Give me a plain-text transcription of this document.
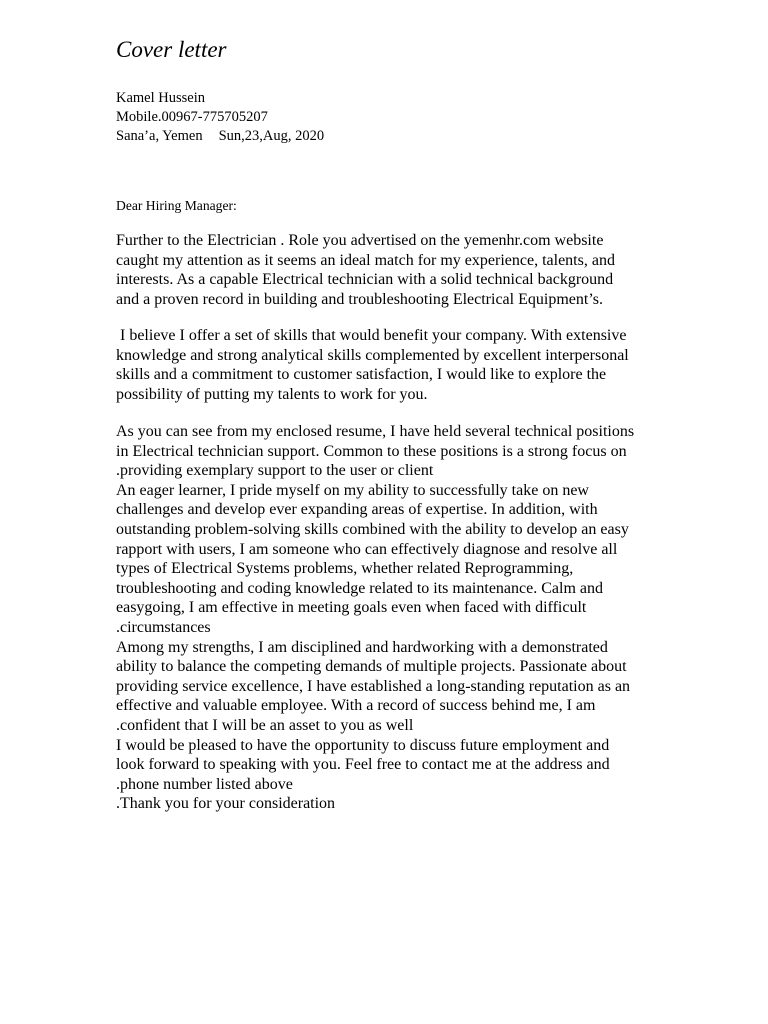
Cover letter
Kamel Hussein
Mobile.00967-775705207
Sana’a, Yemen Sun,23,Aug, 2020
Dear Hiring Manager:
Further to the Electrician . Role you advertised on the yemenhr.com website
caught my attention as it seems an ideal match for my experience, talents, and
interests. As a capable Electrical technician with a solid technical background
and a proven record in building and troubleshooting Electrical Equipment’s.
I believe I offer a set of skills that would benefit your company. With extensive
knowledge and strong analytical skills complemented by excellent interpersonal
skills and a commitment to customer satisfaction, I would like to explore the
possibility of putting my talents to work for you.
As you can see from my enclosed resume, I have held several technical positions
in Electrical technician support. Common to these positions is a strong focus on
.providing exemplary support to the user or client
An eager learner, I pride myself on my ability to successfully take on new
challenges and develop ever expanding areas of expertise. In addition, with
outstanding problem-solving skills combined with the ability to develop an easy
rapport with users, I am someone who can effectively diagnose and resolve all
types of Electrical Systems problems, whether related Reprogramming,
troubleshooting and coding knowledge related to its maintenance. Calm and
easygoing, I am effective in meeting goals even when faced with difficult
.circumstances
Among my strengths, I am disciplined and hardworking with a demonstrated
ability to balance the competing demands of multiple projects. Passionate about
providing service excellence, I have established a long-standing reputation as an
effective and valuable employee. With a record of success behind me, I am
.confident that I will be an asset to you as well
I would be pleased to have the opportunity to discuss future employment and
look forward to speaking with you. Feel free to contact me at the address and
.phone number listed above
.Thank you for your consideration
